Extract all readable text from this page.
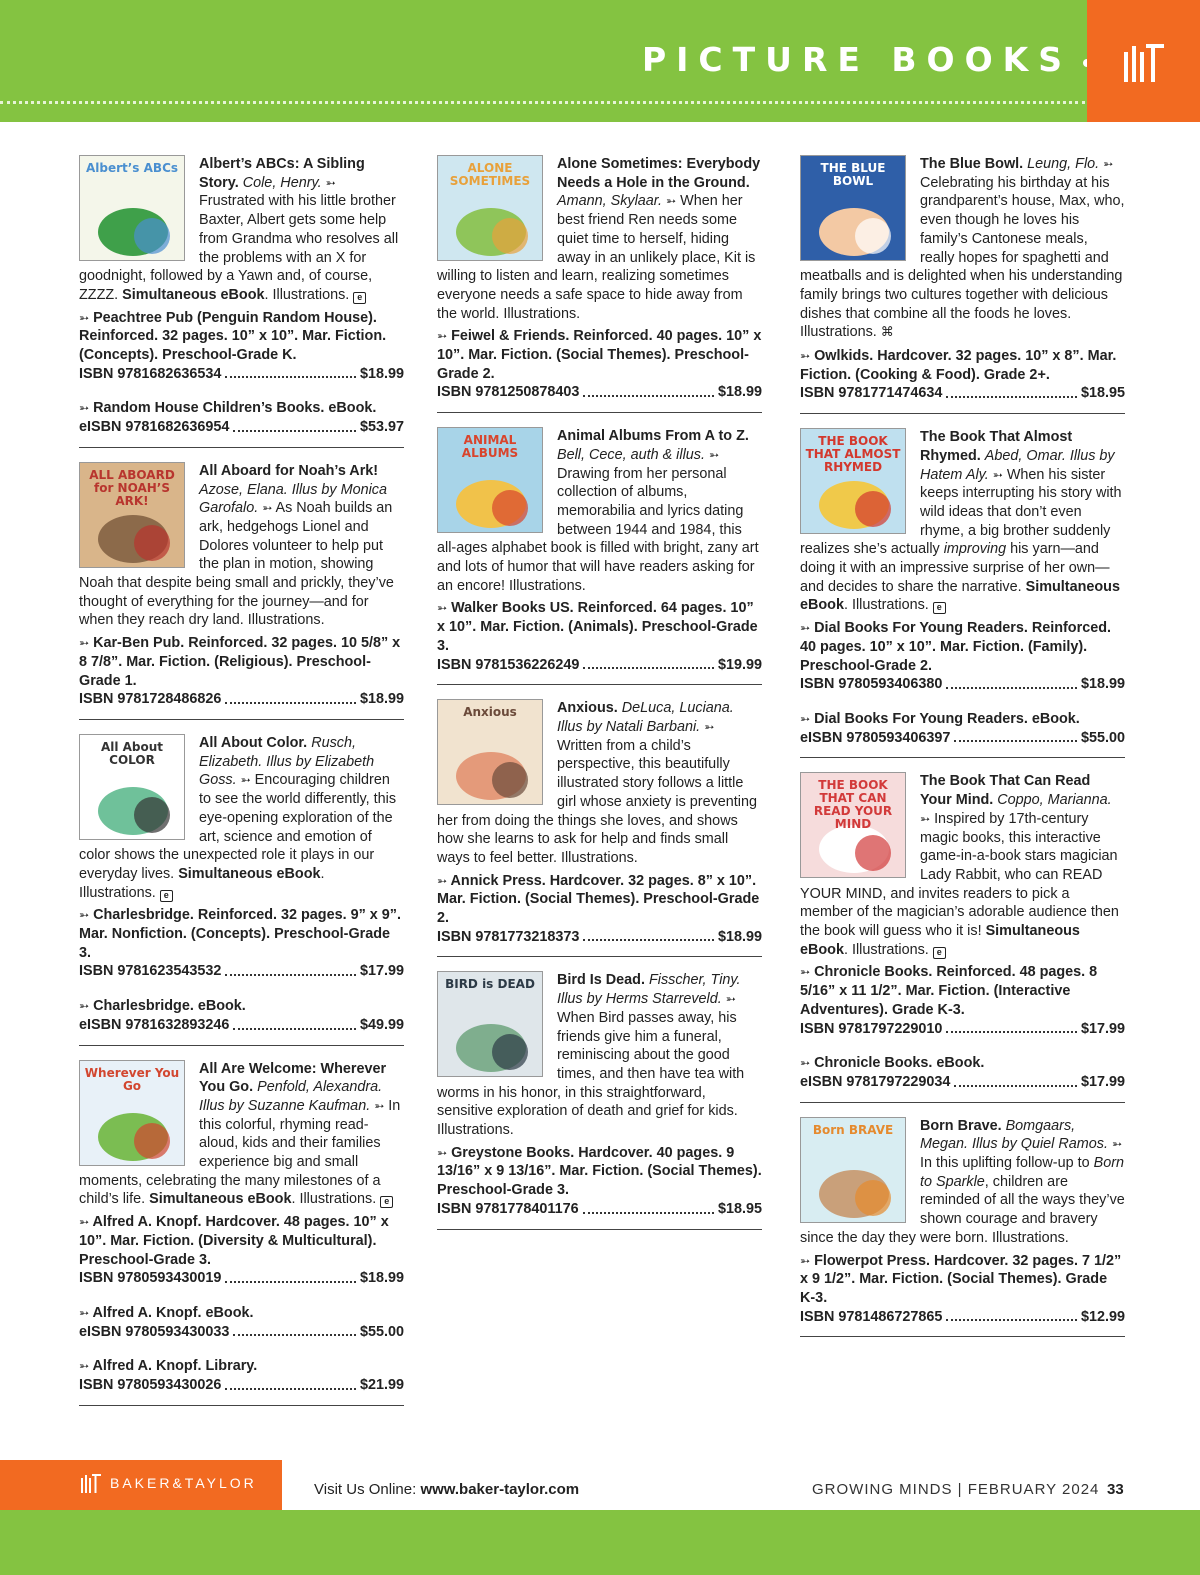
PICTURE BOOKS
Albert’s ABCs	Albert’s ABCs: A Sibling Story. Cole, Henry. ➳ Frustrated with his little brother Baxter, Albert gets some help from Grandma who resolves all the problems with an X for goodnight, followed by a Yawn and, of course, ZZZZ. Simultaneous eBook. Illustrations. e
➳ Peachtree Pub (Penguin Random House). Reinforced. 32 pages. 10” x 10”. Mar. Fiction. (Concepts). Preschool-Grade K.
ISBN 9781682636534	$18.99
➳ Random House Children’s Books. eBook.
eISBN 9781682636954	$53.97
ALL ABOARD for NOAH’S ARK!
All Aboard for Noah’s Ark! Azose, Elana. Illus by Monica Garofalo. ➳ As Noah builds an ark, hedgehogs Lionel and Dolores volunteer to help put the plan in motion, showing Noah that despite being small and prickly, they’ve thought of everything for the journey—and for when they reach dry land. Illustrations.
➳ Kar-Ben Pub. Reinforced. 32 pages. 10 5/8” x 8 7/8”. Mar. Fiction. (Religious). Preschool-Grade 1.
ISBN 9781728486826	$18.99
All About COLOR
All About Color. Rusch, Elizabeth. Illus by Elizabeth Goss. ➳ Encouraging children to see the world differently, this eye-opening exploration of the art, science and emotion of color shows the unexpected role it plays in our everyday lives. Simultaneous eBook. Illustrations. e
➳ Charlesbridge. Reinforced. 32 pages. 9” x 9”. Mar. Nonfiction. (Concepts). Preschool-Grade 3.
ISBN 9781623543532	$17.99
➳ Charlesbridge. eBook.
eISBN 9781632893246	$49.99
Wherever You Go
All Are Welcome: Wherever You Go. Penfold, Alexandra. Illus by Suzanne Kaufman. ➳ In this colorful, rhyming read-aloud, kids and their families experience big and small moments, celebrating the many milestones of a child’s life. Simultaneous eBook. Illustrations. e
➳ Alfred A. Knopf. Hardcover. 48 pages. 10” x 10”. Mar. Fiction. (Diversity & Multicultural). Preschool-Grade 3.
ISBN 9780593430019	$18.99
➳ Alfred A. Knopf. eBook.
eISBN 9780593430033	$55.00
➳ Alfred A. Knopf. Library.
ISBN 9780593430026	$21.99
ALONE SOMETIMES
Alone Sometimes: Everybody Needs a Hole in the Ground. Amann, Skylaar. ➳ When her best friend Ren needs some quiet time to herself, hiding away in an unlikely place, Kit is willing to listen and learn, realizing sometimes everyone needs a safe space to hide away from the world. Illustrations.
➳ Feiwel & Friends. Reinforced. 40 pages. 10” x 10”. Mar. Fiction. (Social Themes). Preschool-Grade 2.
ISBN 9781250878403	$18.99
ANIMAL ALBUMS
Animal Albums From A to Z. Bell, Cece, auth & illus. ➳ Drawing from her personal collection of albums, memorabilia and lyrics dating between 1944 and 1984, this all-ages alphabet book is filled with bright, zany art and lots of humor that will have readers asking for an encore! Illustrations.
➳ Walker Books US. Reinforced. 64 pages. 10” x 10”. Mar. Fiction. (Animals). Preschool-Grade 3.
ISBN 9781536226249	$19.99
Anxious	Anxious. DeLuca, Luciana. Illus by Natali Barbani. ➳ Written from a child’s perspective, this beautifully illustrated story follows a little girl whose anxiety is preventing her from doing the things she loves, and shows how she learns to ask for help and finds small ways to feel better. Illustrations.
➳ Annick Press. Hardcover. 32 pages. 8” x 10”. Mar. Fiction. (Social Themes). Preschool-Grade 2.
ISBN 9781773218373	$18.99
BIRD is DEAD	Bird Is Dead. Fisscher, Tiny. Illus by Herms Starreveld. ➳ When Bird passes away, his friends give him a funeral, reminiscing about the good times, and then have tea with worms in his honor, in this straightforward, sensitive exploration of death and grief for kids. Illustrations.
➳ Greystone Books. Hardcover. 40 pages. 9 13/16” x 9 13/16”. Mar. Fiction. (Social Themes). Preschool-Grade 3.
ISBN 9781778401176	$18.95
THE BLUE BOWL
The Blue Bowl. Leung, Flo. ➳ Celebrating his birthday at his grandparent’s house, Max, who, even though he loves his family’s Cantonese meals, really hopes for spaghetti and meatballs and is delighted when his understanding family brings two cultures together with delicious dishes that combine all the foods he loves. Illustrations. ⌘
➳ Owlkids. Hardcover. 32 pages. 10” x 8”. Mar. Fiction. (Cooking & Food). Grade 2+.
ISBN 9781771474634	$18.95
THE BOOK THAT ALMOST RHYMED
The Book That Almost Rhymed. Abed, Omar. Illus by Hatem Aly. ➳ When his sister keeps interrupting his story with wild ideas that don’t even rhyme, a big brother suddenly realizes she’s actually improving his yarn—and doing it with an impressive surprise of her own—and decides to share the narrative. Simultaneous eBook. Illustrations. e
➳ Dial Books For Young Readers. Reinforced. 40 pages. 10” x 10”. Mar. Fiction. (Family). Preschool-Grade 2.
ISBN 9780593406380	$18.99
➳ Dial Books For Young Readers. eBook.
eISBN 9780593406397	$55.00
THE BOOK THAT CAN READ YOUR MIND
The Book That Can Read Your Mind. Coppo, Marianna. ➳ Inspired by 17th-century magic books, this interactive game-in-a-book stars magician Lady Rabbit, who can READ YOUR MIND, and invites readers to pick a member of the magician’s adorable audience then the book will guess who it is! Simultaneous eBook. Illustrations. e
➳ Chronicle Books. Reinforced. 48 pages. 8 5/16” x 11 1/2”. Mar. Fiction. (Interactive Adventures). Grade K-3.
ISBN 9781797229010	$17.99
➳ Chronicle Books. eBook.
eISBN 9781797229034	$17.99
Born BRAVE	Born Brave. Bomgaars, Megan. Illus by Quiel Ramos. ➳ In this uplifting follow-up to Born to Sparkle, children are reminded of all the ways they’ve shown courage and bravery since the day they were born. Illustrations.
➳ Flowerpot Press. Hardcover. 32 pages. 7 1/2” x 9 1/2”. Mar. Fiction. (Social Themes). Grade K-3.
ISBN 9781486727865	$12.99
BAKER&TAYLOR	Visit Us Online: www.baker-taylor.com	GROWING MINDS | FEBRUARY 2024 33
